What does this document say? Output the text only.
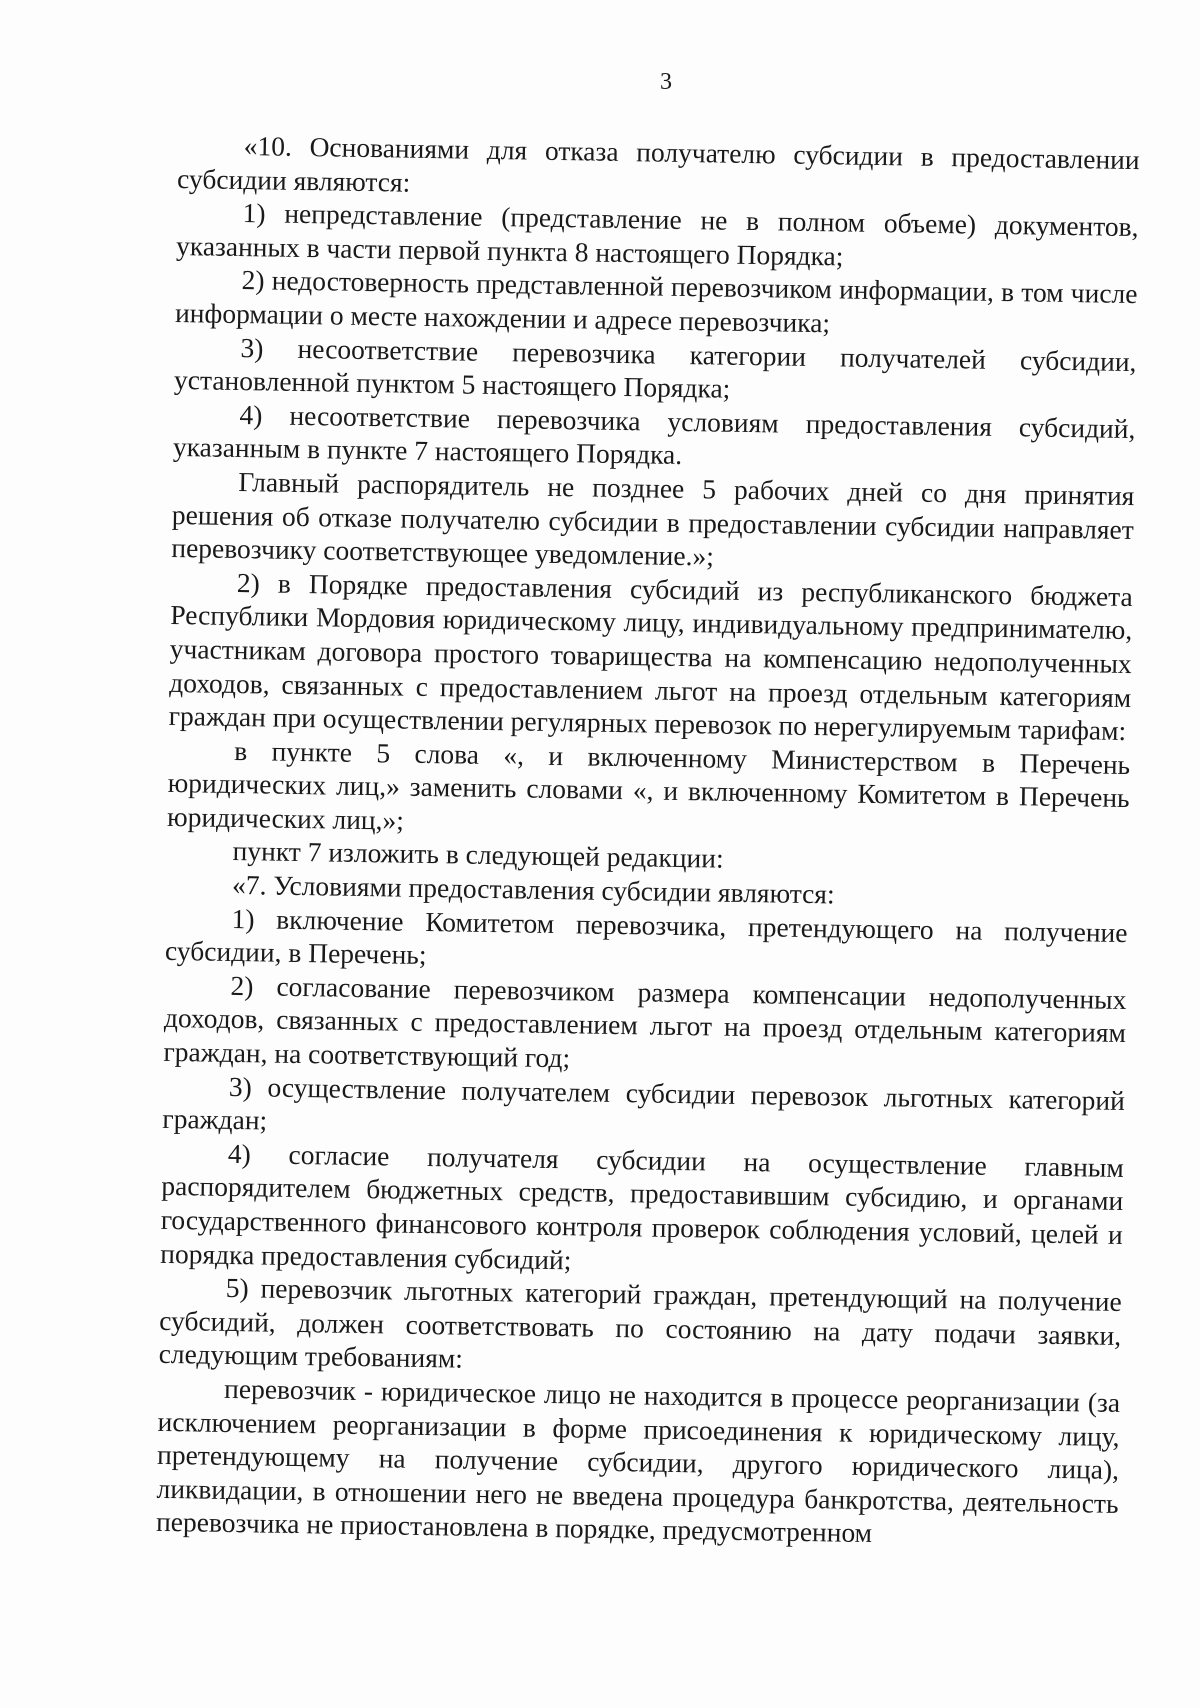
3

«10. Основаниями для отказа получателю субсидии в предоставлении субсидии являются:

1) непредставление (представление не в полном объеме) документов, указанных в части первой пункта 8 настоящего Порядка;

2) недостоверность представленной перевозчиком информации, в том числе информации о месте нахождении и адресе перевозчика;

3) несоответствие перевозчика категории получателей субсидии, установленной пунктом 5 настоящего Порядка;

4) несоответствие перевозчика условиям предоставления субсидий, указанным в пункте 7 настоящего Порядка.

Главный распорядитель не позднее 5 рабочих дней со дня принятия решения об отказе получателю субсидии в предоставлении субсидии направляет перевозчику соответствующее уведомление.»;

2) в Порядке предоставления субсидий из республиканского бюджета Республики Мордовия юридическому лицу, индивидуальному предпринимателю, участникам договора простого товарищества на компенсацию недополученных доходов, связанных с предоставлением льгот на проезд отдельным категориям граждан при осуществлении регулярных перевозок по нерегулируемым тарифам:

в пункте 5 слова «, и включенному Министерством в Перечень юридических лиц,» заменить словами «, и включенному Комитетом в Перечень юридических лиц,»;

пункт 7 изложить в следующей редакции:

«7. Условиями предоставления субсидии являются:

1) включение Комитетом перевозчика, претендующего на получение субсидии, в Перечень;

2) согласование перевозчиком размера компенсации недополученных доходов, связанных с предоставлением льгот на проезд отдельным категориям граждан, на соответствующий год;

3) осуществление получателем субсидии перевозок льготных категорий граждан;

4) согласие получателя субсидии на осуществление главным распорядителем бюджетных средств, предоставившим субсидию, и органами государственного финансового контроля проверок соблюдения условий, целей и порядка предоставления субсидий;

5) перевозчик льготных категорий граждан, претендующий на получение субсидий, должен соответствовать по состоянию на дату подачи заявки, следующим требованиям:

перевозчик - юридическое лицо не находится в процессе реорганизации (за исключением реорганизации в форме присоединения к юридическому лицу, претендующему на получение субсидии, другого юридического лица), ликвидации, в отношении него не введена процедура банкротства, деятельность перевозчика не приостановлена в порядке, предусмотренном
